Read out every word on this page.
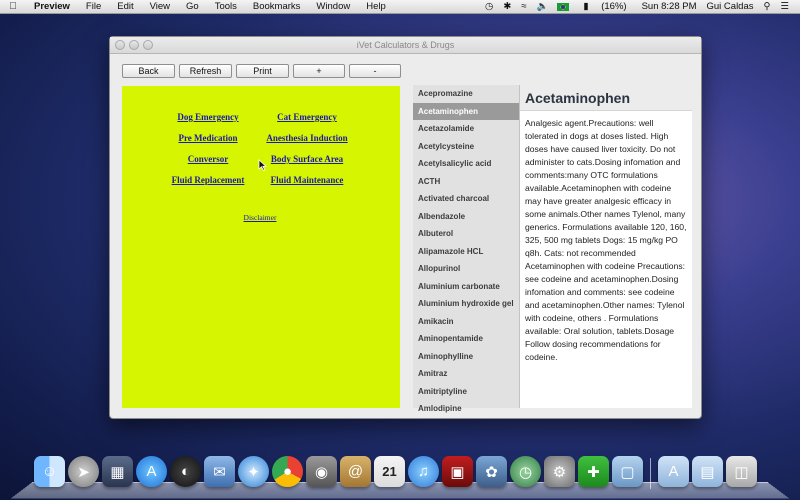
Preview	File	Edit	View	Go	Tools	Bookmarks	Window	Help	◷	✱	≈	🔈	▮ (16%)	Sun 8:28 PM	Gui Caldas	⚲	☰
iVet Calculators & Drugs
Back	Refresh	Print	+	-
Dog Emergency	Cat Emergency
Pre Medication	Anesthesia Induction
Conversor	Body Surface Area
Fluid Replacement	Fluid Maintenance
Disclaimer
Acepromazine
Acetaminophen
Acetazolamide
Acetylcysteine
Acetylsalicylic acid
ACTH
Activated charcoal
Albendazole
Albuterol
Alipamazole HCL
Allopurinol
Aluminium carbonate
Aluminium hydroxide gel
Amikacin
Aminopentamide
Aminophylline
Amitraz
Amitriptyline
Amlodipine
Acetaminophen
Analgesic agent.Precautions: well tolerated in dogs at doses listed. High doses have caused liver toxicity. Do not administer to cats.Dosing infomation and comments:many OTC formulations available.Acetaminophen with codeine may have greater analgesic efficacy in some animals.Other names Tylenol, many generics. Formulations available 120, 160, 325, 500 mg tablets Dogs: 15 mg/kg PO q8h. Cats: not recommended Acetaminophen with codeine Precautions: see codeine and acetaminophen.Dosing infomation and comments: see codeine and acetaminophen.Other names: Tylenol with codeine, others . Formulations available: Oral solution, tablets.Dosage Follow dosing recommendations for codeine.
☺	➤	▦	A	◐	✉	✦	●	◉	@	21	♫	▣	✿	◷	⚙	✚	▢	A	▤	◫
